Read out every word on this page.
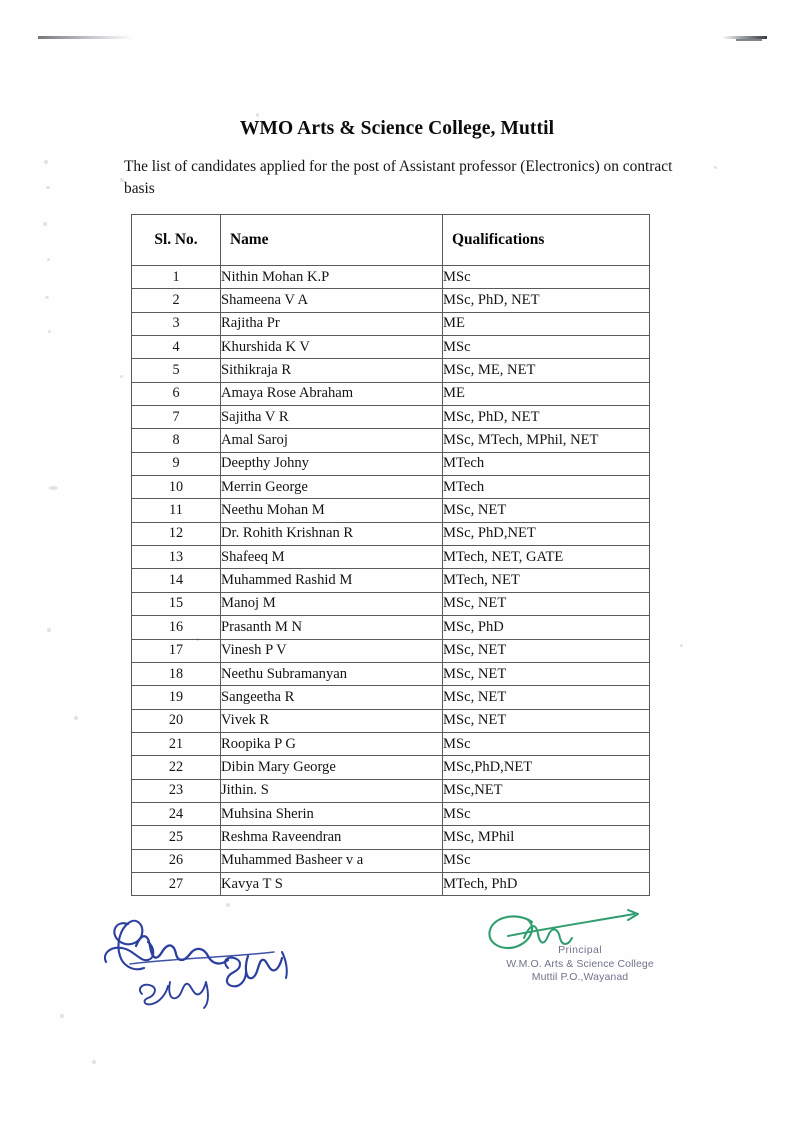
WMO Arts & Science College, Muttil
The list of candidates applied for the post of Assistant professor (Electronics) on contract basis
Sl. No.	Name	Qualifications
1	Nithin Mohan K.P	MSc
2	Shameena V A	MSc, PhD, NET
3	Rajitha Pr	ME
4	Khurshida K V	MSc
5	Sithikraja R	MSc, ME, NET
6	Amaya Rose Abraham	ME
7	Sajitha V R	MSc, PhD, NET
8	Amal Saroj	MSc, MTech, MPhil, NET
9	Deepthy Johny	MTech
10	Merrin George	MTech
11	Neethu Mohan M	MSc, NET
12	Dr. Rohith Krishnan R	MSc, PhD,NET
13	Shafeeq M	MTech, NET, GATE
14	Muhammed Rashid M	MTech, NET
15	Manoj M	MSc, NET
16	Prasanth M N	MSc, PhD
17	Vinesh P V	MSc, NET
18	Neethu Subramanyan	MSc, NET
19	Sangeetha R	MSc, NET
20	Vivek R	MSc, NET
21	Roopika P G	MSc
22	Dibin Mary George	MSc,PhD,NET
23	Jithin. S	MSc,NET
24	Muhsina Sherin	MSc
25	Reshma Raveendran	MSc, MPhil
26	Muhammed Basheer v a	MSc
27	Kavya T S	MTech, PhD
Principal
W.M.O. Arts & Science College
Muttil P.O.,Wayanad
